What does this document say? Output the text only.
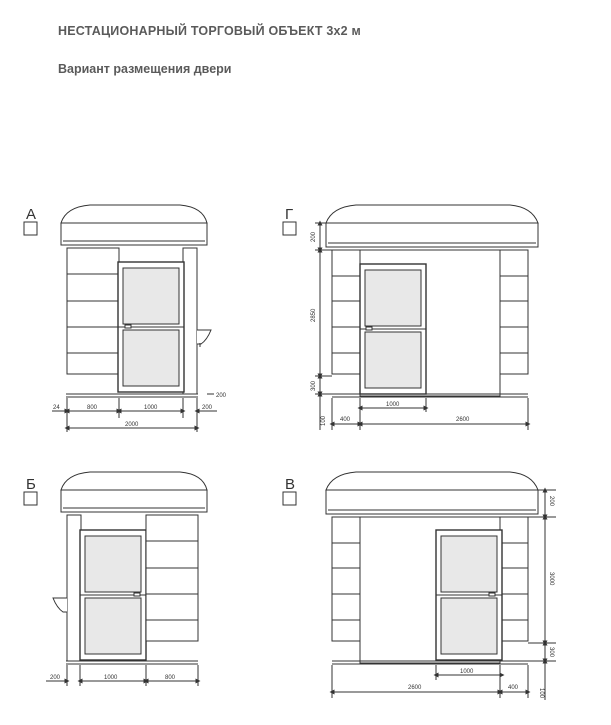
НЕСТАЦИОНАРНЫЙ ТОРГОВЫЙ ОБЪЕКТ 3х2 м
Вариант размещения двери
А
24	800	1000	200
200
2000
Г
200
2850
300
100
1000
400	2600
Б
200	1000	800
В
200
3000
300
100
1000
2600	400
